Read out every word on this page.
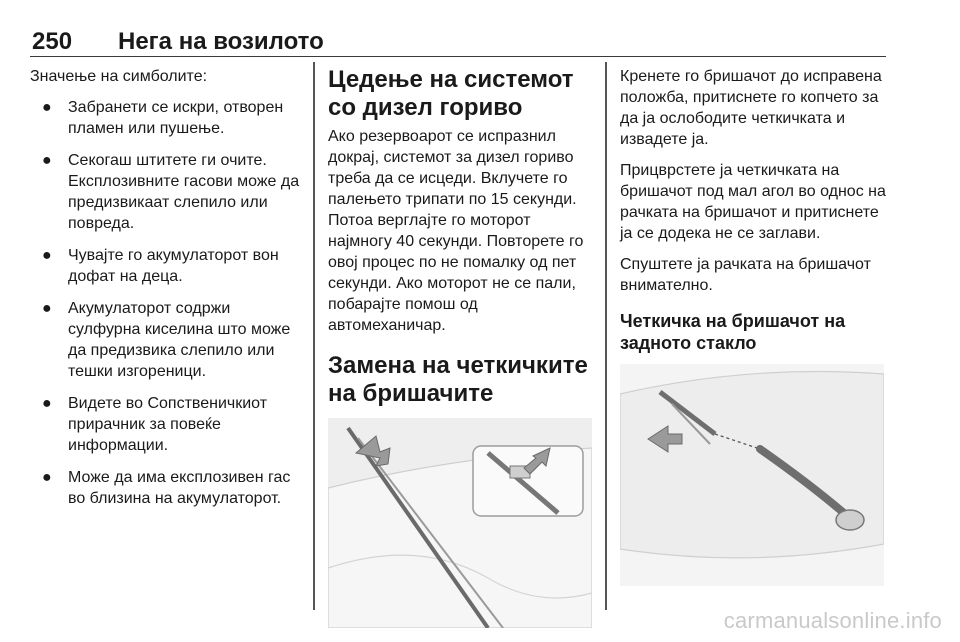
250 Нега на возилото

Значење на симболите:

● Забранети се искри, отворен пламен или пушење.
● Секогаш штитете ги очите. Експлозивните гасови може да предизвикаат слепило или повреда.
● Чувајте го акумулаторот вон дофат на деца.
● Акумулаторот содржи сулфурна киселина што може да предизвика слепило или тешки изгореници.
● Видете во Сопственичкиот прирачник за повеќе информации.
● Може да има експлозивен гас во близина на акумулаторот.
Цедење на системот со дизел гориво

Ако резервоарот се испразнил докрај, системот за дизел гориво треба да се исцеди. Вклучете го палењето трипати по 15 секунди. Потоа верглајте го моторот најмногу 40 секунди. Повторете го овој процес по не помалку од пет секунди. Ако моторот не се пали, побарајте помош од автомеханичар.

Замена на четкичките на бришачите

Кренете го бришачот до исправена положба, притиснете го копчето за да ја ослободите четкичката и извадете ја.

Прицврстете ја четкичката на бришачот под мал агол во однос на рачката на бришачот и притиснете ја се додека не се заглави.

Спуштете ја рачката на бришачот внимателно.

Четкичка на бришачот на задното стакло
carmanualsonline.info
